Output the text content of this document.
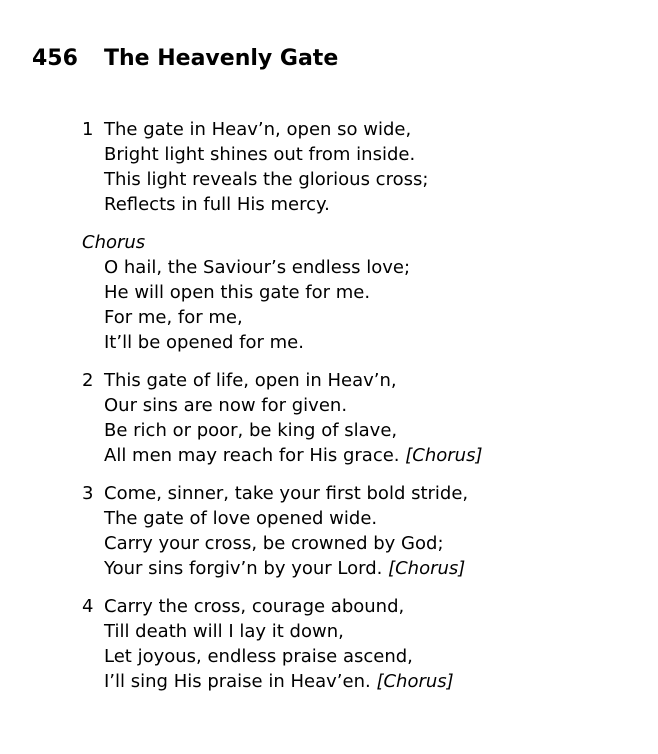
456 The Heavenly Gate
1 The gate in Heav’n, open so wide,
Bright light shines out from inside.
This light reveals the glorious cross;
Reflects in full His mercy.
Chorus
O hail, the Saviour’s endless love;
He will open this gate for me.
For me, for me,
It’ll be opened for me.
2 This gate of life, open in Heav’n,
Our sins are now for given.
Be rich or poor, be king of slave,
All men may reach for His grace. [Chorus]
3 Come, sinner, take your first bold stride,
The gate of love opened wide.
Carry your cross, be crowned by God;
Your sins forgiv’n by your Lord. [Chorus]
4 Carry the cross, courage abound,
Till death will I lay it down,
Let joyous, endless praise ascend,
I’ll sing His praise in Heav’en. [Chorus]
